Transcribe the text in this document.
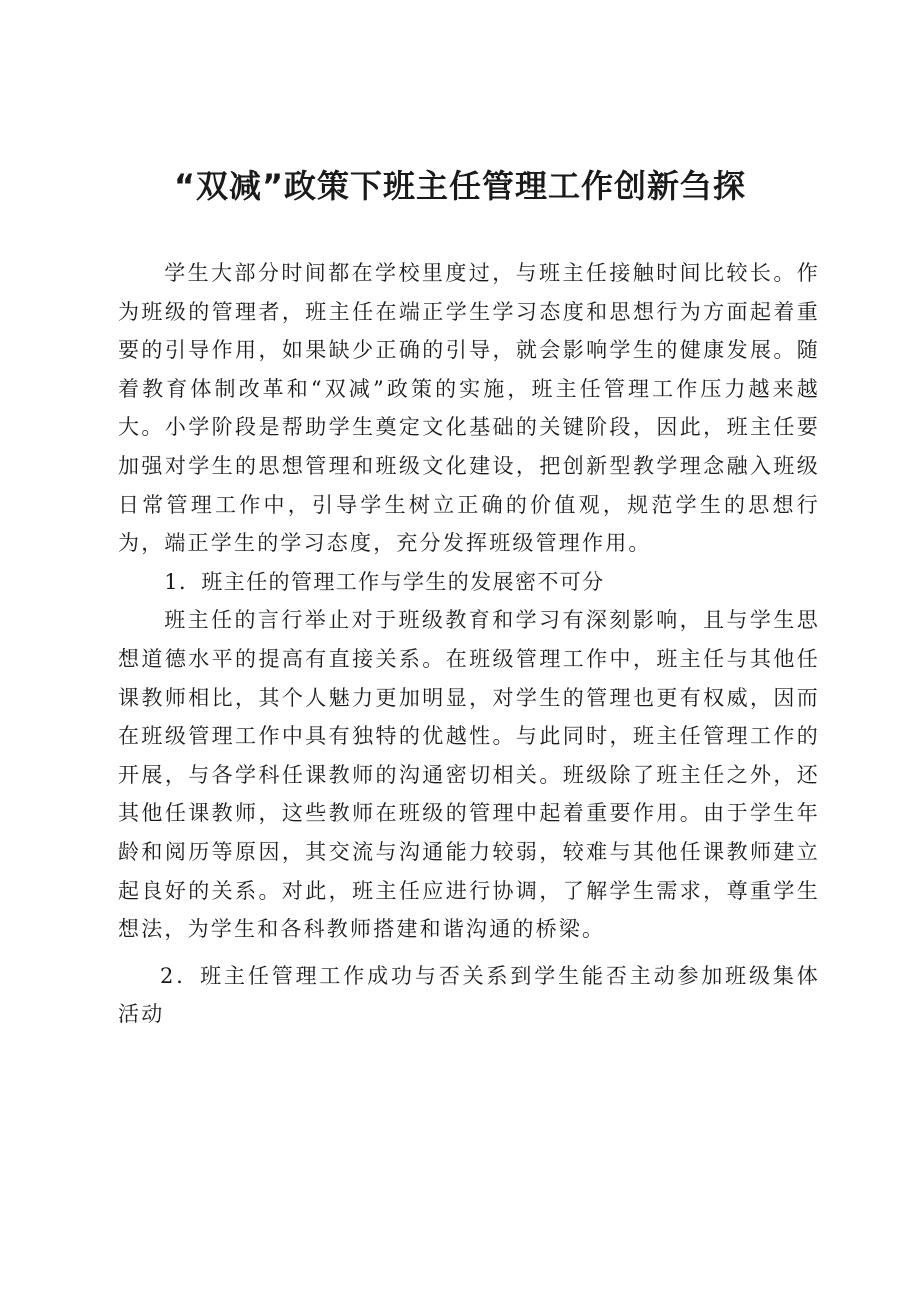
“双减”政策下班主任管理工作创新刍探

学生大部分时间都在学校里度过，与班主任接触时间比较长。作为班级的管理者，班主任在端正学生学习态度和思想行为方面起着重要的引导作用，如果缺少正确的引导，就会影响学生的健康发展。随着教育体制改革和“双减”政策的实施，班主任管理工作压力越来越大。小学阶段是帮助学生奠定文化基础的关键阶段，因此，班主任要加强对学生的思想管理和班级文化建设，把创新型教学理念融入班级日常管理工作中，引导学生树立正确的价值观，规范学生的思想行为，端正学生的学习态度，充分发挥班级管理作用。

1．班主任的管理工作与学生的发展密不可分

班主任的言行举止对于班级教育和学习有深刻影响，且与学生思想道德水平的提高有直接关系。在班级管理工作中，班主任与其他任课教师相比，其个人魅力更加明显，对学生的管理也更有权威，因而在班级管理工作中具有独特的优越性。与此同时，班主任管理工作的开展，与各学科任课教师的沟通密切相关。班级除了班主任之外，还其他任课教师，这些教师在班级的管理中起着重要作用。由于学生年龄和阅历等原因，其交流与沟通能力较弱，较难与其他任课教师建立起良好的关系。对此，班主任应进行协调，了解学生需求，尊重学生想法，为学生和各科教师搭建和谐沟通的桥梁。

2．班主任管理工作成功与否关系到学生能否主动参加班级集体活动
